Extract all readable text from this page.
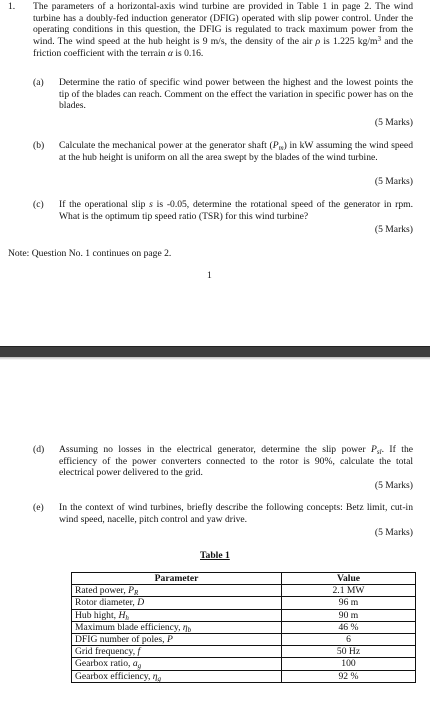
1. The parameters of a horizontal-axis wind turbine are provided in Table 1 in page 2. The wind turbine has a doubly-fed induction generator (DFIG) operated with slip power control. Under the operating conditions in this question, the DFIG is regulated to track maximum power from the wind. The wind speed at the hub height is 9 m/s, the density of the air ρ is 1.225 $kg/m^3$ and the friction coefficient with the terrain α is 0.16.

(a) Determine the ratio of specific wind power between the highest and the lowest points the tip of the blades can reach. Comment on the effect the variation in specific power has on the blades.

(5 Marks)
(b) Calculate the mechanical power at the generator shaft $(P_m)$ in kW assuming the wind speed at the hub height is uniform on all the area swept by the blades of the wind turbine.

(5 Marks)
(c) If the operational slip s is -0.05, determine the rotational speed of the generator in rpm. What is the optimum tip speed ratio (TSR) for this wind turbine?

(5 Marks)
Note: Question No. 1 continues on page 2.
1
(d) Assuming no losses in the electrical generator, determine the slip power $P_{sl}$. If the efficiency of the power converters connected to the rotor is 90%, calculate the total electrical power delivered to the grid.

(5 Marks)
(e) In the context of wind turbines, briefly describe the following concepts: Betz limit, cut-in wind speed, nacelle, pitch control and yaw drive.

(5 Marks)
Table 1
Parameter	Value
Rated power, $P_R$	2.1 MW
Rotor diameter, D	96 m
Hub hight, $H_h$	90 m
Maximum blade efficiency, $\eta_b$	46 %
DFIG number of poles, P	6
Grid frequency, f	50 Hz
Gearbox ratio, $a_g$	100
Gearbox efficiency, $\eta_g$	92 %
